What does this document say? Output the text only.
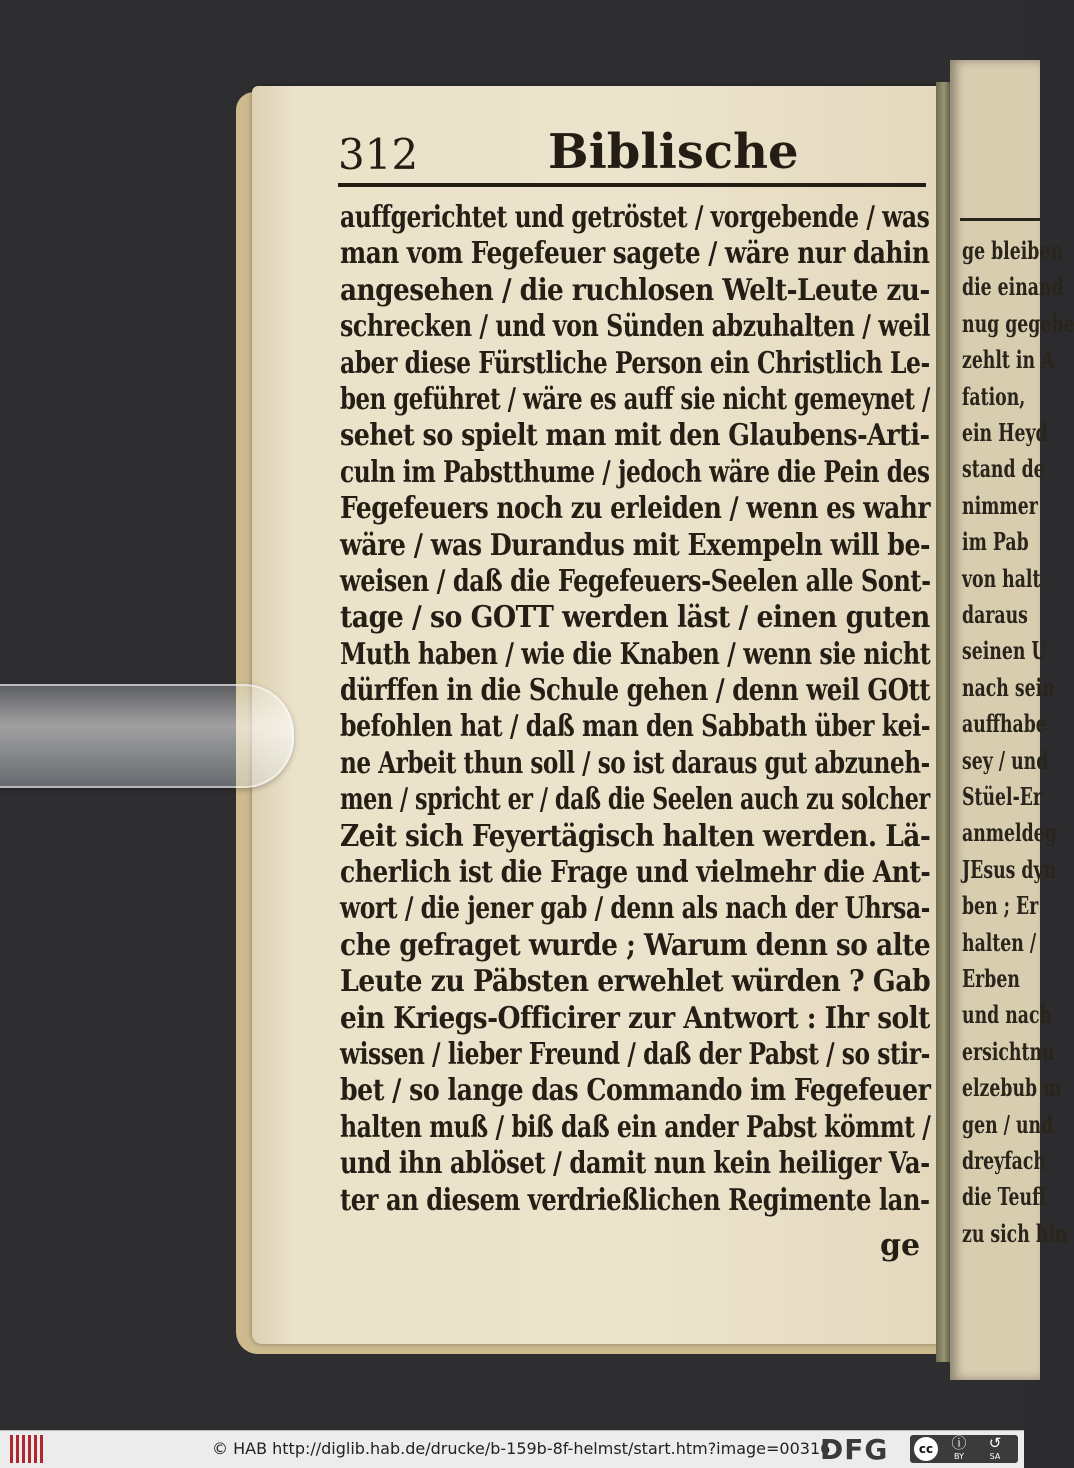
ge bleiben
die einand
nug gegebe
zehlt in A
fation,
ein Heyd
stand de
nimmer
im Pab
von halt
daraus
seinen U
nach sein
auffhabe
sey / und
Stüel-Er
anmeldeg
JEsus dyn
ben ; Er
halten /
Erben
und nach
ersichtnu
elzebub m
gen / und
dreyfach
die Teuff
zu sich hin
312	Biblische
auffgerichtet und getröstet / vorgebende / was
man vom Fegefeuer sagete / wäre nur dahin
angesehen / die ruchlosen Welt-Leute zu-
schrecken / und von Sünden abzuhalten / weil
aber diese Fürstliche Person ein Christlich Le-
ben geführet / wäre es auff sie nicht gemeynet /
sehet so spielt man mit den Glaubens-Arti-
culn im Pabstthume / jedoch wäre die Pein des
Fegefeuers noch zu erleiden / wenn es wahr
wäre / was Durandus mit Exempeln will be-
weisen / daß die Fegefeuers-Seelen alle Sont-
tage / so GOTT werden läst / einen guten
Muth haben / wie die Knaben / wenn sie nicht
dürffen in die Schule gehen / denn weil GOtt
befohlen hat / daß man den Sabbath über kei-
ne Arbeit thun soll / so ist daraus gut abzuneh-
men / spricht er / daß die Seelen auch zu solcher
Zeit sich Feyertägisch halten werden. Lä-
cherlich ist die Frage und vielmehr die Ant-
wort / die jener gab / denn als nach der Uhrsa-
che gefraget wurde ; Warum denn so alte
Leute zu Päbsten erwehlet würden ? Gab
ein Kriegs-Officirer zur Antwort : Ihr solt
wissen / lieber Freund / daß der Pabst / so stir-
bet / so lange das Commando im Fegefeuer
halten muß / biß daß ein ander Pabst kömmt /
und ihn ablöset / damit nun kein heiliger Va-
ter an diesem verdrießlichen Regimente lan-
ge
© HAB http://diglib.hab.de/drucke/b-159b-8f-helmst/start.htm?image=00316
DFG	cc	ⓘ
BY
↺
SA
